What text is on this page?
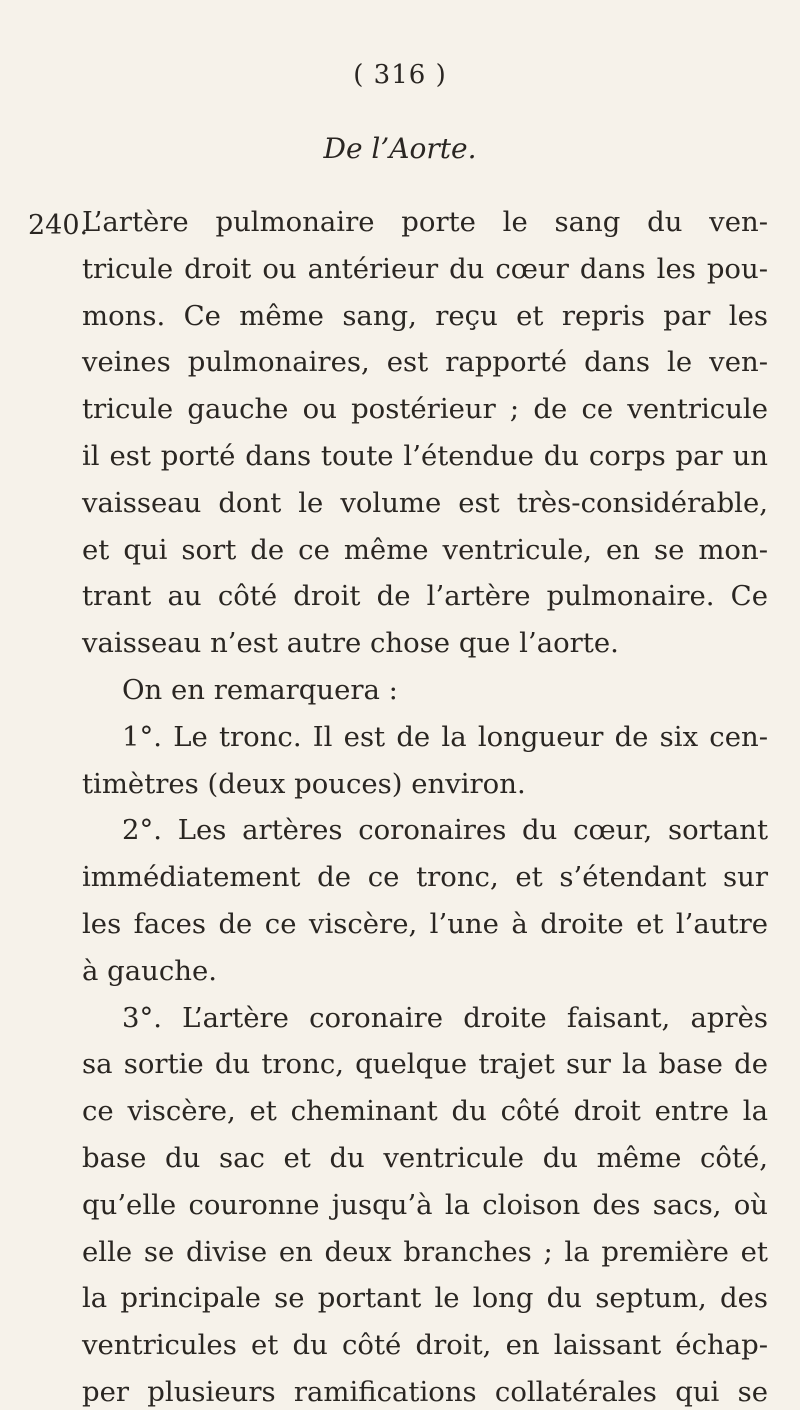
( 316 )
De l’Aorte.
240.
L’artère pulmonaire porte le sang du ven-
tricule droit ou antérieur du cœur dans les pou-
mons. Ce même sang, reçu et repris par les
veines pulmonaires, est rapporté dans le ven-
tricule gauche ou postérieur ; de ce ventricule
il est porté dans toute l’étendue du corps par un
vaisseau dont le volume est très-considérable,
et qui sort de ce même ventricule, en se mon-
trant au côté droit de l’artère pulmonaire. Ce
vaisseau n’est autre chose que l’aorte.
On en remarquera :
1°. Le tronc. Il est de la longueur de six cen-
timètres (deux pouces) environ.
2°. Les artères coronaires du cœur, sortant
immédiatement de ce tronc, et s’étendant sur
les faces de ce viscère, l’une à droite et l’autre
à gauche.
3°. L’artère coronaire droite faisant, après
sa sortie du tronc, quelque trajet sur la base de
ce viscère, et cheminant du côté droit entre la
base du sac et du ventricule du même côté,
qu’elle couronne jusqu’à la cloison des sacs, où
elle se divise en deux branches ; la première et
la principale se portant le long du septum, des
ventricules et du côté droit, en laissant échap-
per plusieurs ramifications collatérales qui se
